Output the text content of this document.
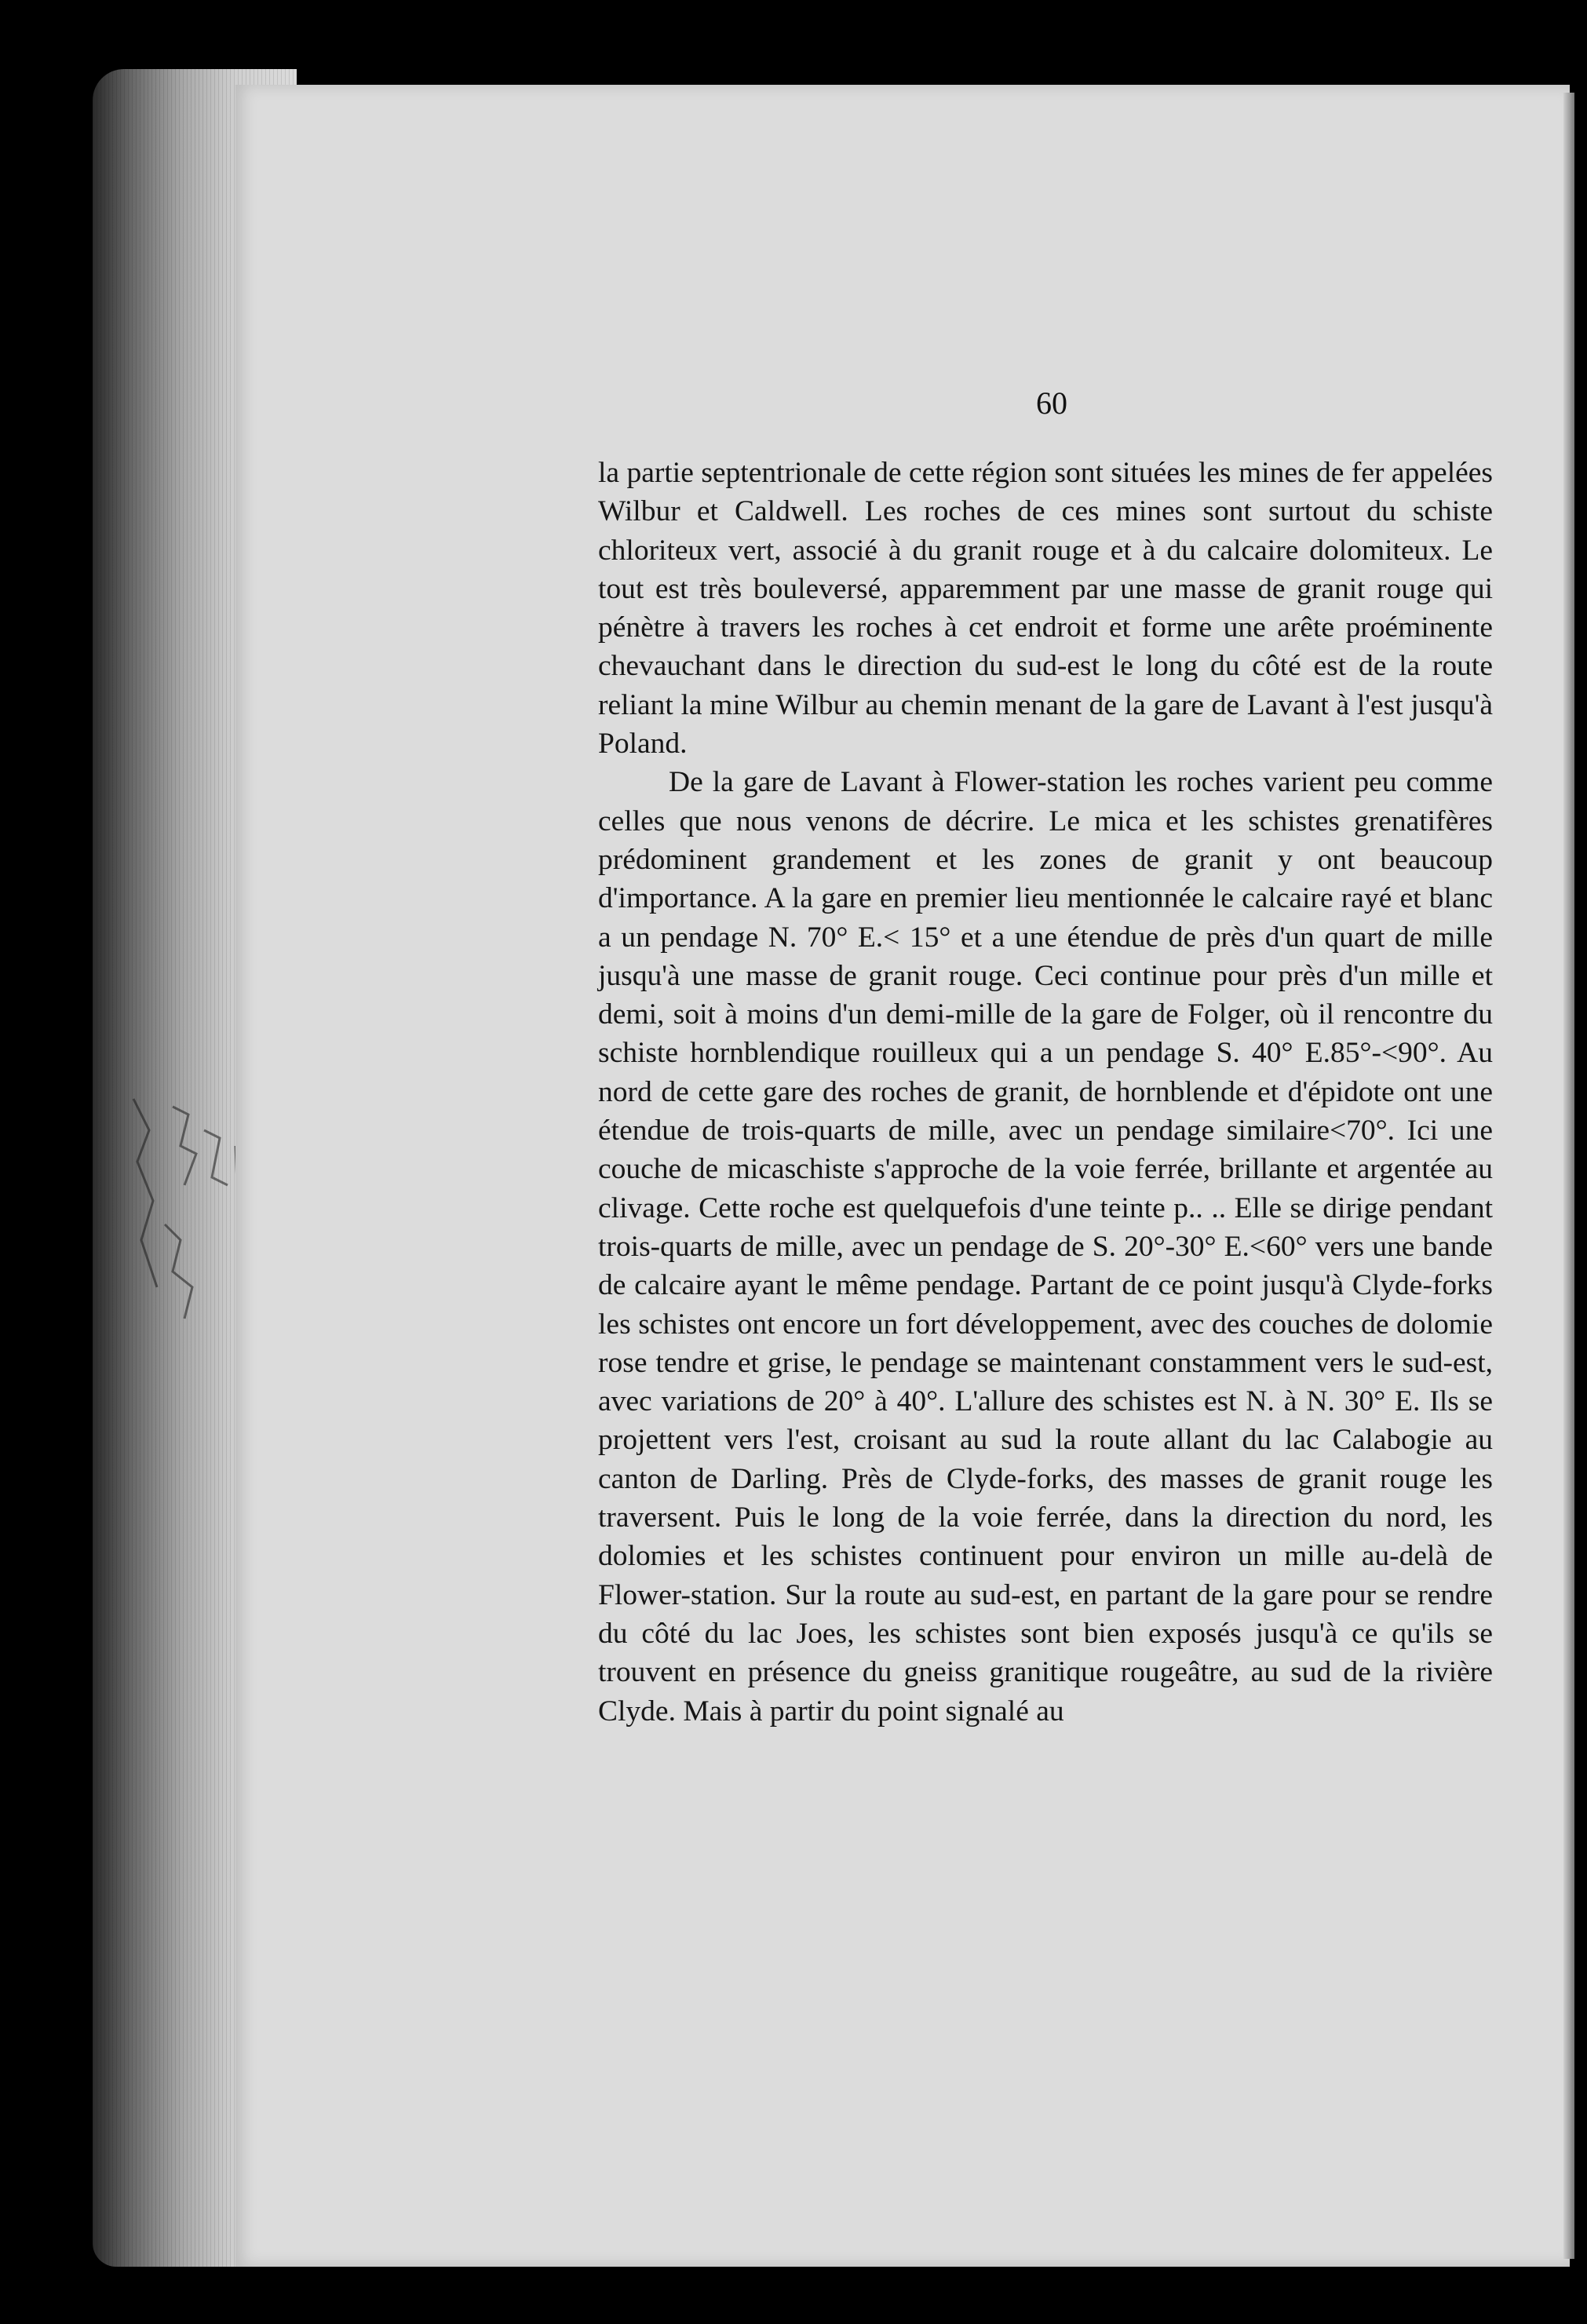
60

la partie septentrionale de cette région sont situées les mines de fer appelées Wilbur et Caldwell. Les roches de ces mines sont surtout du schiste chloriteux vert, associé à du granit rouge et à du calcaire dolomiteux. Le tout est très bouleversé, apparemment par une masse de granit rouge qui pénètre à travers les roches à cet endroit et forme une arête proéminente chevauchant dans le direction du sud-est le long du côté est de la route reliant la mine Wilbur au chemin menant de la gare de Lavant à l'est jusqu'à Poland.

De la gare de Lavant à Flower-station les roches varient peu comme celles que nous venons de décrire. Le mica et les schistes grenatifères prédominent grandement et les zones de granit y ont beaucoup d'importance. A la gare en premier lieu mentionnée le calcaire rayé et blanc a un pendage N. 70° E.< 15° et a une étendue de près d'un quart de mille jusqu'à une masse de granit rouge. Ceci continue pour près d'un mille et demi, soit à moins d'un demi-mille de la gare de Folger, où il rencontre du schiste hornblendique rouilleux qui a un pendage S. 40° E.85°-<90°. Au nord de cette gare des roches de granit, de hornblende et d'épidote ont une étendue de trois-quarts de mille, avec un pendage similaire<70°. Ici une couche de micaschiste s'approche de la voie ferrée, brillante et argentée au clivage. Cette roche est quelquefois d'une teinte p.. .. Elle se dirige pendant trois-quarts de mille, avec un pendage de S. 20°-30° E.<60° vers une bande de calcaire ayant le même pendage. Partant de ce point jusqu'à Clyde-forks les schistes ont encore un fort développement, avec des couches de dolomie rose tendre et grise, le pendage se maintenant constamment vers le sud-est, avec variations de 20° à 40°. L'allure des schistes est N. à N. 30° E. Ils se projettent vers l'est, croisant au sud la route allant du lac Calabogie au canton de Darling. Près de Clyde-forks, des masses de granit rouge les traversent. Puis le long de la voie ferrée, dans la direction du nord, les dolomies et les schistes continuent pour environ un mille au-delà de Flower-station. Sur la route au sud-est, en partant de la gare pour se rendre du côté du lac Joes, les schistes sont bien exposés jusqu'à ce qu'ils se trouvent en présence du gneiss granitique rougeâtre, au sud de la rivière Clyde. Mais à partir du point signalé au
